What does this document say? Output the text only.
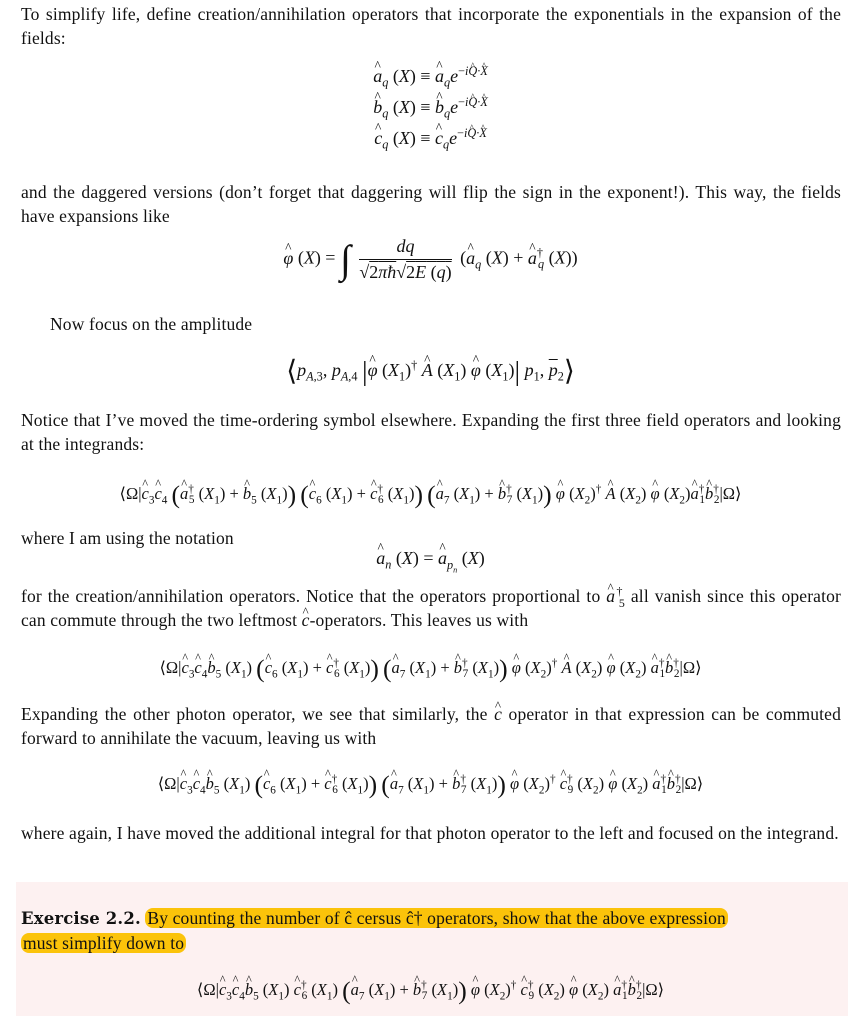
To simplify life, define creation/annihilation operators that incorporate the exponentials in the expansion of the fields:
^ $a_q$ (X) ≡ ^ $a_qe^{-iQ\cdot X}$
^ $b_q$ (X) ≡ ^ $b_qe^{-iQ\cdot X}$
^ $c_q$ (X) ≡ ^ $c_qe^{-iQ\cdot X}$
and the daggered versions (don’t forget that daggering will flip the sign in the exponent!). This way, the fields have expansions like
^ φ (X) = ∫ $\frac{dq}{√2\pi ħ√2E (q)}$ (^ $a_q$ (X) + ^ $a^\dagger_q$ (X))
Now focus on the amplitude
$⟨p_{A,3}$, $p_{A,4}$ |^ φ $(X_1)^\dagger$ ^ A $(X_1)$ ^ φ $(X_1)|$ $p_1$, $\overline{p}_2⟩$
Notice that I’ve moved the time-ordering symbol elsewhere. Expanding the first three field operators and looking at the integrands:
⟨Ω|^ $c_3\^{}$ $c_4$ (^ $a^\dagger_5$ $(X_1)$ + ^ $b_5$ $(X_1)$) (^ $c_6$ $(X_1)$ + ^ $c^\dagger_6$ $(X_1)$) (^ $a_7$ $(X_1)$ + ^ $b^\dagger_7$ $(X_1)$) ^ φ $(X_2)^\dagger$ ^ A $(X_2)$ ^ φ $(X_2)\^{}$ $a^\dagger_1\^{}$ $b^\dagger_2|\Omega⟩$
where I am using the notation
^ $a_n$ (X) = ^ $a_{p_n}$ (X)
for the creation/annihilation operators. Notice that the operators proportional to ^ $a^\dagger_5$ all vanish since this operator can commute through the two leftmost ^ c-operators. This leaves us with
⟨Ω|^ $c_3\^{}$ $c_4\^{}$ $b_5$ $(X_1)$ (^ $c_6$ $(X_1)$ + ^ $c^\dagger_6$ $(X_1)$) (^ $a_7$ $(X_1)$ + ^ $b^\dagger_7$ $(X_1)$) ^ φ $(X_2)^\dagger$ ^ A $(X_2)$ ^ φ $(X_2)$ ^ $a^\dagger_1\^{}$ $b^\dagger_2|\Omega⟩$
Expanding the other photon operator, we see that similarly, the ^ c operator in that expression can be commuted forward to annihilate the vacuum, leaving us with
⟨Ω|^ $c_3\^{}$ $c_4\^{}$ $b_5$ $(X_1)$ (^ $c_6$ $(X_1)$ + ^ $c^\dagger_6$ $(X_1)$) (^ $a_7$ $(X_1)$ + ^ $b^\dagger_7$ $(X_1)$) ^ φ $(X_2)^\dagger$ ^ $c^\dagger_9$ $(X_2)$ ^ φ $(X_2)$ ^ $a^\dagger_1\^{}$ $b^\dagger_2|\Omega⟩$
where again, I have moved the additional integral for that photon operator to the left and focused on the integrand.
Exercise 2.2. By counting the number of ĉ cersus ĉ† operators, show that the above expression
must simplify down to
⟨Ω|^ $c_3\^{}$ $c_4\^{}$ $b_5$ $(X_1)$ ^ $c^\dagger_6$ $(X_1)$ (^ $a_7$ $(X_1)$ + ^ $b^\dagger_7$ $(X_1)$) ^ φ $(X_2)^\dagger$ ^ $c^\dagger_9$ $(X_2)$ ^ φ $(X_2)$ ^ $a^\dagger_1\^{}$ $b^\dagger_2|\Omega⟩$
